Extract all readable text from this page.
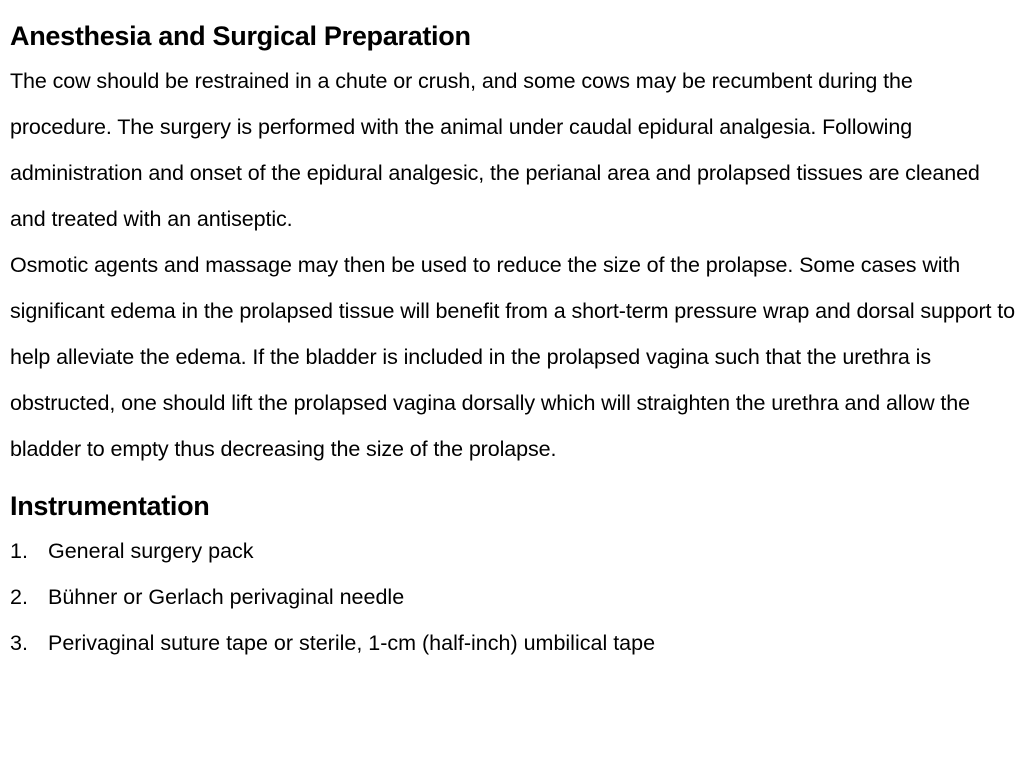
Anesthesia and Surgical Preparation

The cow should be restrained in a chute or crush, and some cows may be recumbent during the procedure. The surgery is performed with the animal under caudal epidural analgesia. Following administration and onset of the epidural analgesic, the perianal area and prolapsed tissues are cleaned and treated with an antiseptic.

Osmotic agents and massage may then be used to reduce the size of the prolapse. Some cases with significant edema in the prolapsed tissue will benefit from a short-term pressure wrap and dorsal support to help alleviate the edema. If the bladder is included in the prolapsed vagina such that the urethra is obstructed, one should lift the prolapsed vagina dorsally which will straighten the urethra and allow the bladder to empty thus decreasing the size of the prolapse.

Instrumentation
1. General surgery pack
2. Bühner or Gerlach perivaginal needle
3. Perivaginal suture tape or sterile, 1-cm (half-inch) umbilical tape
